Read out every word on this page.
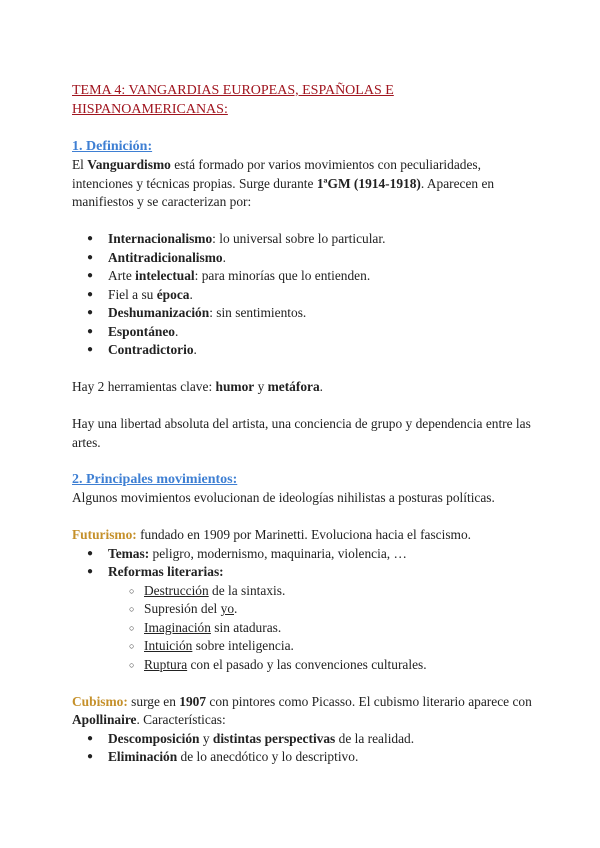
TEMA 4: VANGARDIAS EUROPEAS, ESPAÑOLAS E
HISPANOAMERICANAS:
1. Definición:

El Vanguardismo está formado por varios movimientos con peculiaridades, intenciones y técnicas propias. Surge durante 1ªGM (1914-1918). Aparecen en manifiestos y se caracterizan por:

● Internacionalismo: lo universal sobre lo particular.
● Antitradicionalismo.
● Arte intelectual: para minorías que lo entienden.
● Fiel a su época.
● Deshumanización: sin sentimientos.
● Espontáneo.
● Contradictorio.

Hay 2 herramientas clave: humor y metáfora.

Hay una libertad absoluta del artista, una conciencia de grupo y dependencia entre las artes.

2. Principales movimientos:

Algunos movimientos evolucionan de ideologías nihilistas a posturas políticas.

Futurismo: fundado en 1909 por Marinetti. Evoluciona hacia el fascismo.

● Temas: peligro, modernismo, maquinaria, violencia, …
● Reformas literarias:
○ Destrucción de la sintaxis.
○ Supresión del yo.
○ Imaginación sin ataduras.
○ Intuición sobre inteligencia.
○ Ruptura con el pasado y las convenciones culturales.

Cubismo: surge en 1907 con pintores como Picasso. El cubismo literario aparece con Apollinaire. Características:

● Descomposición y distintas perspectivas de la realidad.
● Eliminación de lo anecdótico y lo descriptivo.
